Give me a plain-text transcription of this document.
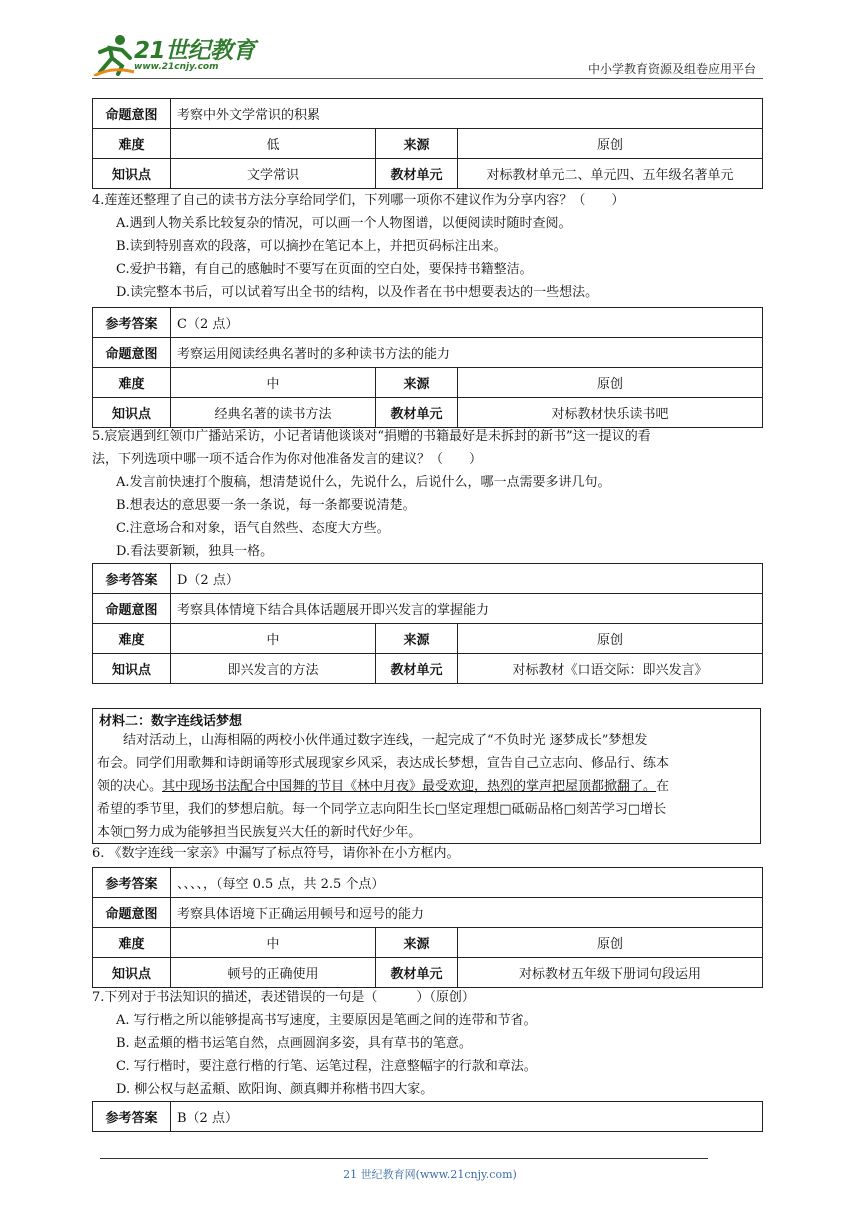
21世纪教育
www.21cnjy.com	中小学教育资源及组卷应用平台
命题意图	考察中外文学常识的积累		
难度	低	来源	原创
知识点	文学常识	教材单元	对标教材单元二、单元四、五年级名著单元
4.莲莲还整理了自己的读书方法分享给同学们，下列哪一项你不建议作为分享内容？（　　）
A.遇到人物关系比较复杂的情况，可以画一个人物图谱，以便阅读时随时查阅。
B.读到特别喜欢的段落，可以摘抄在笔记本上，并把页码标注出来。
C.爱护书籍，有自己的感触时不要写在页面的空白处，要保持书籍整洁。
D.读完整本书后，可以试着写出全书的结构，以及作者在书中想要表达的一些想法。
参考答案	C（2 点）		
命题意图	考察运用阅读经典名著时的多种读书方法的能力		
难度	中	来源	原创
知识点	经典名著的读书方法	教材单元	对标教材快乐读书吧
5.宸宸遇到红领巾广播站采访，小记者请他谈谈对“捐赠的书籍最好是未拆封的新书”这一提议的看
法，下列选项中哪一项不适合作为你对他准备发言的建议？（　　）
A.发言前快速打个腹稿，想清楚说什么，先说什么，后说什么，哪一点需要多讲几句。
B.想表达的意思要一条一条说，每一条都要说清楚。
C.注意场合和对象，语气自然些、态度大方些。
D.看法要新颖，独具一格。
参考答案	D（2 点）		
命题意图	考察具体情境下结合具体话题展开即兴发言的掌握能力		
难度	中	来源	原创
知识点	即兴发言的方法	教材单元	对标教材《口语交际：即兴发言》
材料二：数字连线话梦想
　　结对活动上，山海相隔的两校小伙伴通过数字连线，一起完成了“不负时光 逐梦成长”梦想发
布会。同学们用歌舞和诗朗诵等形式展现家乡风采，表达成长梦想，宣告自己立志向、修品行、练本
领的决心。其中现场书法配合中国舞的节目《林中月夜》最受欢迎，热烈的掌声把屋顶都掀翻了。在
希望的季节里，我们的梦想启航。每一个同学立志向阳生长□坚定理想□砥砺品格□刻苦学习□增长
本领□努力成为能够担当民族复兴大任的新时代好少年。
6. 《数字连线一家亲》中漏写了标点符号，请你补在小方框内。
参考答案	、、、、，（每空 0.5 点，共 2.5 个点）		
命题意图	考察具体语境下正确运用顿号和逗号的能力		
难度	中	来源	原创
知识点	顿号的正确使用	教材单元	对标教材五年级下册词句段运用
7.下列对于书法知识的描述，表述错误的一句是（　　　）（原创）
A. 写行楷之所以能够提高书写速度，主要原因是笔画之间的连带和节省。
B. 赵孟頫的楷书运笔自然，点画圆润多姿，具有草书的笔意。
C. 写行楷时，要注意行楷的行笔、运笔过程，注意整幅字的行款和章法。
D. 柳公权与赵孟頫、欧阳询、颜真卿并称楷书四大家。
参考答案	B（2 点）
21 世纪教育网(www.21cnjy.com)
